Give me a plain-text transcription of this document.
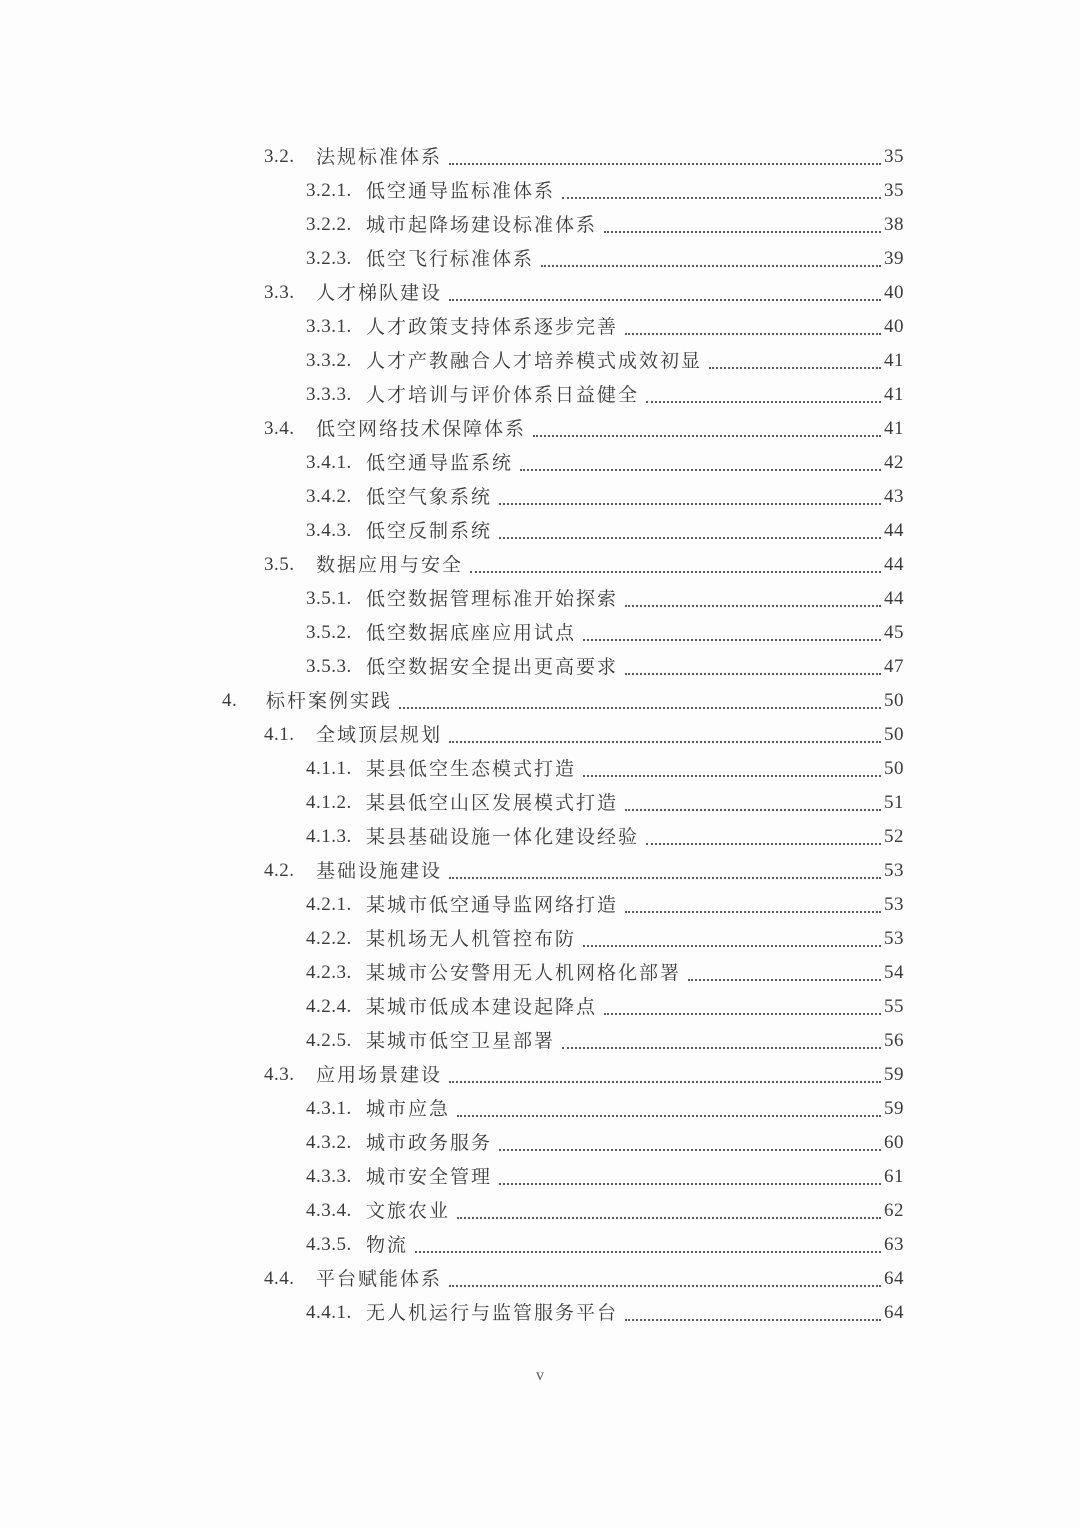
3.2.	法规标准体系	35
3.2.1. 低空通导监标准体系	35
3.2.2. 城市起降场建设标准体系	38
3.2.3. 低空飞行标准体系	39
3.3.	人才梯队建设	40
3.3.1. 人才政策支持体系逐步完善	40
3.3.2. 人才产教融合人才培养模式成效初显	41
3.3.3. 人才培训与评价体系日益健全	41
3.4.	低空网络技术保障体系	41
3.4.1. 低空通导监系统	42
3.4.2. 低空气象系统	43
3.4.3. 低空反制系统	44
3.5.	数据应用与安全	44
3.5.1. 低空数据管理标准开始探索	44
3.5.2. 低空数据底座应用试点	45
3.5.3. 低空数据安全提出更高要求	47
4.	标杆案例实践	50
4.1.	全域顶层规划	50
4.1.1. 某县低空生态模式打造	50
4.1.2. 某县低空山区发展模式打造	51
4.1.3. 某县基础设施一体化建设经验	52
4.2.	基础设施建设	53
4.2.1. 某城市低空通导监网络打造	53
4.2.2. 某机场无人机管控布防	53
4.2.3. 某城市公安警用无人机网格化部署	54
4.2.4. 某城市低成本建设起降点	55
4.2.5. 某城市低空卫星部署	56
4.3.	应用场景建设	59
4.3.1. 城市应急	59
4.3.2. 城市政务服务	60
4.3.3. 城市安全管理	61
4.3.4. 文旅农业	62
4.3.5. 物流	63
4.4.	平台赋能体系	64
4.4.1. 无人机运行与监管服务平台	64
v
